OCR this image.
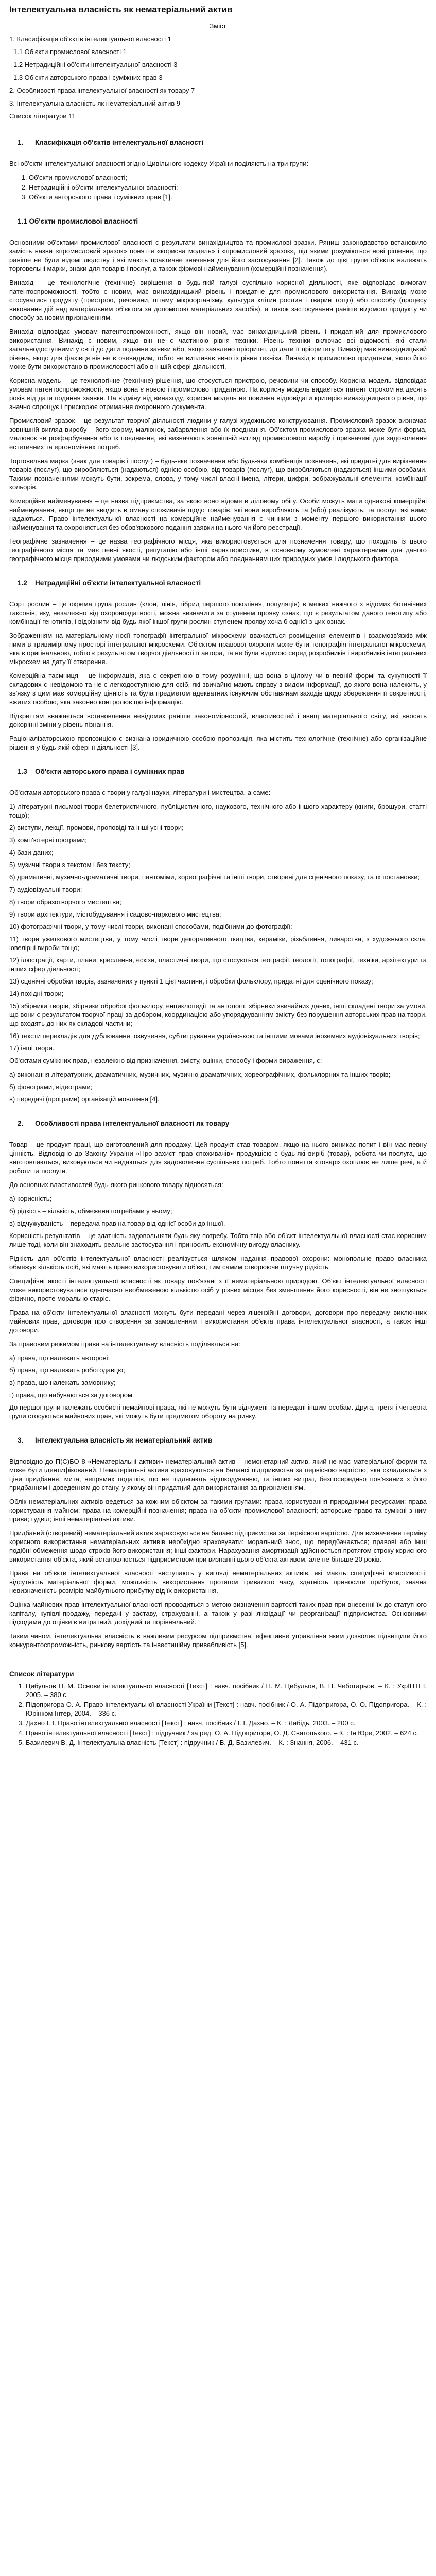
Інтелектуальна власність як нематеріальний актив
Зміст
1. Класифікація об'єктів інтелектуальної власності 1
1.1 Об'єкти промислової власності 1
1.2 Нетрадиційні об'єкти інтелектуальної власності 3
1.3 Об'єкти авторського права і суміжних прав 3
2. Особливості права інтелектуальної власності як товару 7
3. Інтелектуальна власність як нематеріальний актив 9
Список літератури 11
1. Класифікація об'єктів інтелектуальної власності
Всі об'єкти інтелектуальної власності згідно Цивільного кодексу України поділяють на три групи:
1. Об'єкти промислової власності;
2. Нетрадиційні об'єкти інтелектуальної власності;
3. Об'єкти авторського права і суміжних прав [1].
1.1 Об'єкти промислової власності
Основними об'єктами промислової власності є результати винахідництва та промислові зразки. Ряниш законодавство встановило замість назви «промисловий зразок» поняття «корисна модель» і «промисловий зразок», під якими розуміються нові рішення, що раніше не були відомі людству і які мають практичне значення для його застосування [2]. Також до цієї групи об'єктів належать торговельні марки, знаки для товарів і послуг, а також фірмові найменування (комерційні позначення).
Винахід – це технологічне (технічне) вирішення в будь-якій галузі суспільно корисної діяльності, яке відповідає вимогам патентоспроможності, тобто є новим, має винахідницький рівень і придатне для промислового використання. Винахід може стосуватися продукту (пристрою, речовини, штаму мікроорганізму, культури клітин рослин і тварин тощо) або способу (процесу виконання дій над матеріальним об'єктом за допомогою матеріальних засобів), а також застосування раніше відомого продукту чи способу за новим призначенням.
Винахід відповідає умовам патентоспроможності, якщо він новий, має винахідницький рівень і придатний для промислового використання. Винахід є новим, якщо він не є частиною рівня техніки. Рівень техніки включає всі відомості, які стали загальнодоступними у світі до дати подання заявки або, якщо заявлено пріоритет, до дати її пріоритету. Винахід має винахідницький рівень, якщо для фахівця він не є очевидним, тобто не випливає явно із рівня техніки. Винахід є промислово придатним, якщо його може бути використано в промисловості або в іншій сфері діяльності.
Корисна модель – це технологічне (технічне) рішення, що стосується пристрою, речовини чи способу. Корисна модель відповідає умовам патентоспроможності, якщо вона є новою і промислово придатною. На корисну модель видається патент строком на десять років від дати подання заявки. На відміну від винаходу, корисна модель не повинна відповідати критерію винахідницького рівня, що значно спрощує і прискорює отримання охоронного документа.
Промисловий зразок – це результат творчої діяльності людини у галузі художнього конструювання. Промисловий зразок визначає зовнішній вигляд виробу – його форму, малюнок, забарвлення або їх поєднання. Об'єктом промислового зразка може бути форма, малюнок чи розфарбування або їх поєднання, які визначають зовнішній вигляд промислового виробу і призначені для задоволення естетичних та ергономічних потреб.
Торговельна марка (знак для товарів і послуг) – будь-яке позначення або будь-яка комбінація позначень, які придатні для вирізнення товарів (послуг), що виробляються (надаються) однією особою, від товарів (послуг), що виробляються (надаються) іншими особами. Такими позначеннями можуть бути, зокрема, слова, у тому числі власні імена, літери, цифри, зображувальні елементи, комбінації кольорів.
Комерційне найменування – це назва підприємства, за якою воно відоме в діловому обігу. Особи можуть мати однакові комерційні найменування, якщо це не вводить в оману споживачів щодо товарів, які вони виробляють та (або) реалізують, та послуг, які ними надаються. Право інтелектуальної власності на комерційне найменування є чинним з моменту першого використання цього найменування та охороняється без обов'язкового подання заявки на нього чи його реєстрації.
Географічне зазначення – це назва географічного місця, яка використовується для позначення товару, що походить із цього географічного місця та має певні якості, репутацію або інші характеристики, в основному зумовлені характерними для даного географічного місця природними умовами чи людським фактором або поєднанням цих природних умов і людського фактора.
1.2 Нетрадиційні об'єкти інтелектуальної власності
Сорт рослин – це окрема група рослин (клон, лінія, гібрид першого покоління, популяція) в межах нижчого з відомих ботанічних таксонів, яку, незалежно від охороноздатності, можна визначити за ступенем прояву ознак, що є результатом даного генотипу або комбінації генотипів, і відрізнити від будь-якої іншої групи рослин ступенем прояву хоча б однієї з цих ознак.
Зображенням на матеріальному носії топографії інтегральної мікросхеми вважається розміщення елементів і взаємозв'язків між ними в тривимірному просторі інтегральної мікросхеми. Об'єктом правової охорони може бути топографія інтегральної мікросхеми, яка є оригінальною, тобто є результатом творчої діяльності її автора, та не була відомою серед розробників і виробників інтегральних мікросхем на дату її створення.
Комерційна таємниця – це інформація, яка є секретною в тому розумінні, що вона в цілому чи в певній формі та сукупності її складових є невідомою та не є легкодоступною для осіб, які звичайно мають справу з видом інформації, до якого вона належить, у зв'язку з цим має комерційну цінність та була предметом адекватних існуючим обставинам заходів щодо збереження її секретності, вжитих особою, яка законно контролює цю інформацію.
Відкриттям вважається встановлення невідомих раніше закономірностей, властивостей і явищ матеріального світу, які вносять докорінні зміни у рівень пізнання.
Раціоналізаторською пропозицією є визнана юридичною особою пропозиція, яка містить технологічне (технічне) або організаційне рішення у будь-якій сфері її діяльності [3].
1.3 Об'єкти авторського права і суміжних прав
Об'єктами авторського права є твори у галузі науки, літератури і мистецтва, а саме:
1) літературні письмові твори белетристичного, публіцистичного, наукового, технічного або іншого характеру (книги, брошури, статті тощо);
2) виступи, лекції, промови, проповіді та інші усні твори;
3) комп'ютерні програми;
4) бази даних;
5) музичні твори з текстом і без тексту;
6) драматичні, музично-драматичні твори, пантоміми, хореографічні та інші твори, створені для сценічного показу, та їх постановки;
7) аудіовізуальні твори;
8) твори образотворчого мистецтва;
9) твори архітектури, містобудування і садово-паркового мистецтва;
10) фотографічні твори, у тому числі твори, виконані способами, подібними до фотографії;
11) твори ужиткового мистецтва, у тому числі твори декоративного ткацтва, кераміки, різьблення, ливарства, з художнього скла, ювелірні вироби тощо;
12) ілюстрації, карти, плани, креслення, ескізи, пластичні твори, що стосуються географії, геології, топографії, техніки, архітектури та інших сфер діяльності;
13) сценічні обробки творів, зазначених у пункті 1 цієї частини, і обробки фольклору, придатні для сценічного показу;
14) похідні твори;
15) збірники творів, збірники обробок фольклору, енциклопедії та антології, збірники звичайних даних, інші складені твори за умови, що вони є результатом творчої праці за добором, координацією або упорядкуванням змісту без порушення авторських прав на твори, що входять до них як складові частини;
16) тексти перекладів для дублювання, озвучення, субтитрування українською та іншими мовами іноземних аудіовізуальних творів;
17) інші твори.
Об'єктами суміжних прав, незалежно від призначення, змісту, оцінки, способу і форми вираження, є:
а) виконання літературних, драматичних, музичних, музично-драматичних, хореографічних, фольклорних та інших творів;
б) фонограми, відеограми;
в) передачі (програми) організацій мовлення [4].
2. Особливості права інтелектуальної власності як товару
Товар – це продукт праці, що виготовлений для продажу. Цей продукт став товаром, якщо на нього виникає попит і він має певну цінність. Відповідно до Закону України «Про захист прав споживачів» продукцією є будь-які виріб (товар), робота чи послуга, що виготовляються, виконуються чи надаються для задоволення суспільних потреб. Тобто поняття «товар» охоплює не лише речі, а й роботи та послуги.
До основних властивостей будь-якого ринкового товару відносяться:
а) корисність;
б) рідкість – кількість, обмежена потребами у ньому;
в) відчужуваність – передача прав на товар від однієї особи до іншої.
Корисність результатів – це здатність задовольняти будь-яку потребу. Тобто твір або об'єкт інтелектуальної власності стає корисним лише тоді, коли він знаходить реальне застосування і приносить економічну вигоду власнику.
Рідкість для об'єктів інтелектуальної власності реалізується шляхом надання правової охорони: монопольне право власника обмежує кількість осіб, які мають право використовувати об'єкт, тим самим створюючи штучну рідкість.
Специфічні якості інтелектуальної власності як товару пов'язані з її нематеріальною природою. Об'єкт інтелектуальної власності може використовуватися одночасно необмеженою кількістю осіб у різних місцях без зменшення його корисності, він не зношується фізично, проте морально старіє.
Права на об'єкти інтелектуальної власності можуть бути передані через ліцензійні договори, договори про передачу виключних майнових прав, договори про створення за замовленням і використання об'єкта права інтелектуальної власності, а також інші договори.
За правовим режимом права на інтелектуальну власність поділяються на:
а) права, що належать авторові;
б) права, що належать роботодавцю;
в) права, що належать замовнику;
г) права, що набуваються за договором.
До першої групи належать особисті немайнові права, які не можуть бути відчужені та передані іншим особам. Друга, третя і четверта групи стосуються майнових прав, які можуть бути предметом обороту на ринку.
3. Інтелектуальна власність як нематеріальний актив
Відповідно до П(С)БО 8 «Нематеріальні активи» нематеріальний актив – немонетарний актив, який не має матеріальної форми та може бути ідентифікований. Нематеріальні активи враховуються на балансі підприємства за первісною вартістю, яка складається з ціни придбання, мита, непрямих податків, що не підлягають відшкодуванню, та інших витрат, безпосередньо пов'язаних з його придбанням і доведенням до стану, у якому він придатний для використання за призначенням.
Облік нематеріальних активів ведеться за кожним об'єктом за такими групами: права користування природними ресурсами; права користування майном; права на комерційні позначення; права на об'єкти промислової власності; авторське право та суміжні з ним права; гудвіл; інші нематеріальні активи.
Придбаний (створений) нематеріальний актив зараховується на баланс підприємства за первісною вартістю. Для визначення терміну корисного використання нематеріальних активів необхідно враховувати: моральний знос, що передбачається; правові або інші подібні обмеження щодо строків його використання; інші фактори. Нарахування амортизації здійснюється протягом строку корисного використання об'єкта, який встановлюється підприємством при визнанні цього об'єкта активом, але не більше 20 років.
Права на об'єкти інтелектуальної власності виступають у вигляді нематеріальних активів, які мають специфічні властивості: відсутність матеріальної форми, можливість використання протягом тривалого часу, здатність приносити прибуток, значна невизначеність розмірів майбутнього прибутку від їх використання.
Оцінка майнових прав інтелектуальної власності проводиться з метою визначення вартості таких прав при внесенні їх до статутного капіталу, купівлі-продажу, передачі у заставу, страхуванні, а також у разі ліквідації чи реорганізації підприємства. Основними підходами до оцінки є витратний, дохідний та порівняльний.
Таким чином, інтелектуальна власність є важливим ресурсом підприємства, ефективне управління яким дозволяє підвищити його конкурентоспроможність, ринкову вартість та інвестиційну привабливість [5].
Список літератури
1. Цибульов П. М. Основи інтелектуальної власності [Текст] : навч. посібник / П. М. Цибульов, В. П. Чеботарьов. – К. : УкрІНТЕІ, 2005. – 380 с.
2. Підопригора О. А. Право інтелектуальної власності України [Текст] : навч. посібник / О. А. Підопригора, О. О. Підопригора. – К. : Юрінком Інтер, 2004. – 336 с.
3. Дахно І. І. Право інтелектуальної власності [Текст] : навч. посібник / І. І. Дахно. – К. : Либідь, 2003. – 200 с.
4. Право інтелектуальної власності [Текст] : підручник / за ред. О. А. Підопригори, О. Д. Святоцького. – К. : Ін Юре, 2002. – 624 с.
5. Базилевич В. Д. Інтелектуальна власність [Текст] : підручник / В. Д. Базилевич. – К. : Знання, 2006. – 431 с.
